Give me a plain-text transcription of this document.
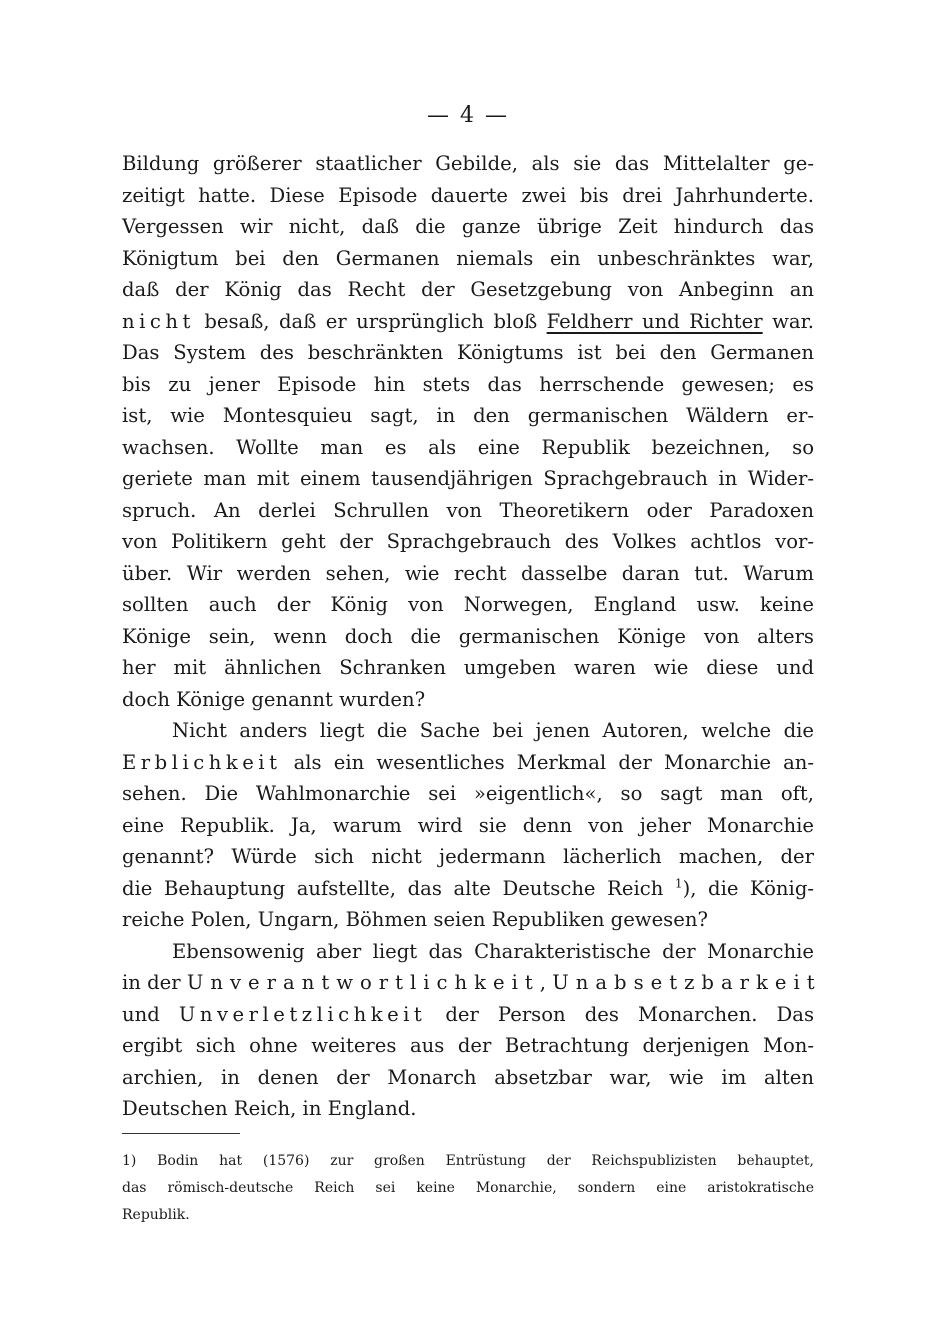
— 4 —
Bildung größerer staatlicher Gebilde, als sie das Mittelalter ge-
zeitigt hatte. Diese Episode dauerte zwei bis drei Jahrhunderte.
Vergessen wir nicht, daß die ganze übrige Zeit hindurch das
Königtum bei den Germanen niemals ein unbeschränktes war,
daß der König das Recht der Gesetzgebung von Anbeginn an
nicht besaß, daß er ursprünglich bloß Feldherr und Richter war.
Das System des beschränkten Königtums ist bei den Germanen
bis zu jener Episode hin stets das herrschende gewesen; es
ist, wie Montesquieu sagt, in den germanischen Wäldern er-
wachsen. Wollte man es als eine Republik bezeichnen, so
geriete man mit einem tausendjährigen Sprachgebrauch in Wider-
spruch. An derlei Schrullen von Theoretikern oder Paradoxen
von Politikern geht der Sprachgebrauch des Volkes achtlos vor-
über. Wir werden sehen, wie recht dasselbe daran tut. Warum
sollten auch der König von Norwegen, England usw. keine
Könige sein, wenn doch die germanischen Könige von alters
her mit ähnlichen Schranken umgeben waren wie diese und
doch Könige genannt wurden?
Nicht anders liegt die Sache bei jenen Autoren, welche die
Erblichkeit als ein wesentliches Merkmal der Monarchie an-
sehen. Die Wahlmonarchie sei »eigentlich«, so sagt man oft,
eine Republik. Ja, warum wird sie denn von jeher Monarchie
genannt? Würde sich nicht jedermann lächerlich machen, der
die Behauptung aufstellte, das alte Deutsche Reich $^1$), die König-
reiche Polen, Ungarn, Böhmen seien Republiken gewesen?
Ebensowenig aber liegt das Charakteristische der Monarchie
in der Unverantwortlichkeit, Unabsetzbarkeit
und Unverletzlichkeit der Person des Monarchen. Das
ergibt sich ohne weiteres aus der Betrachtung derjenigen Mon-
archien, in denen der Monarch absetzbar war, wie im alten
Deutschen Reich, in England.
1) Bodin hat (1576) zur großen Entrüstung der Reichspublizisten behauptet,
das römisch-deutsche Reich sei keine Monarchie, sondern eine aristokratische
Republik.
